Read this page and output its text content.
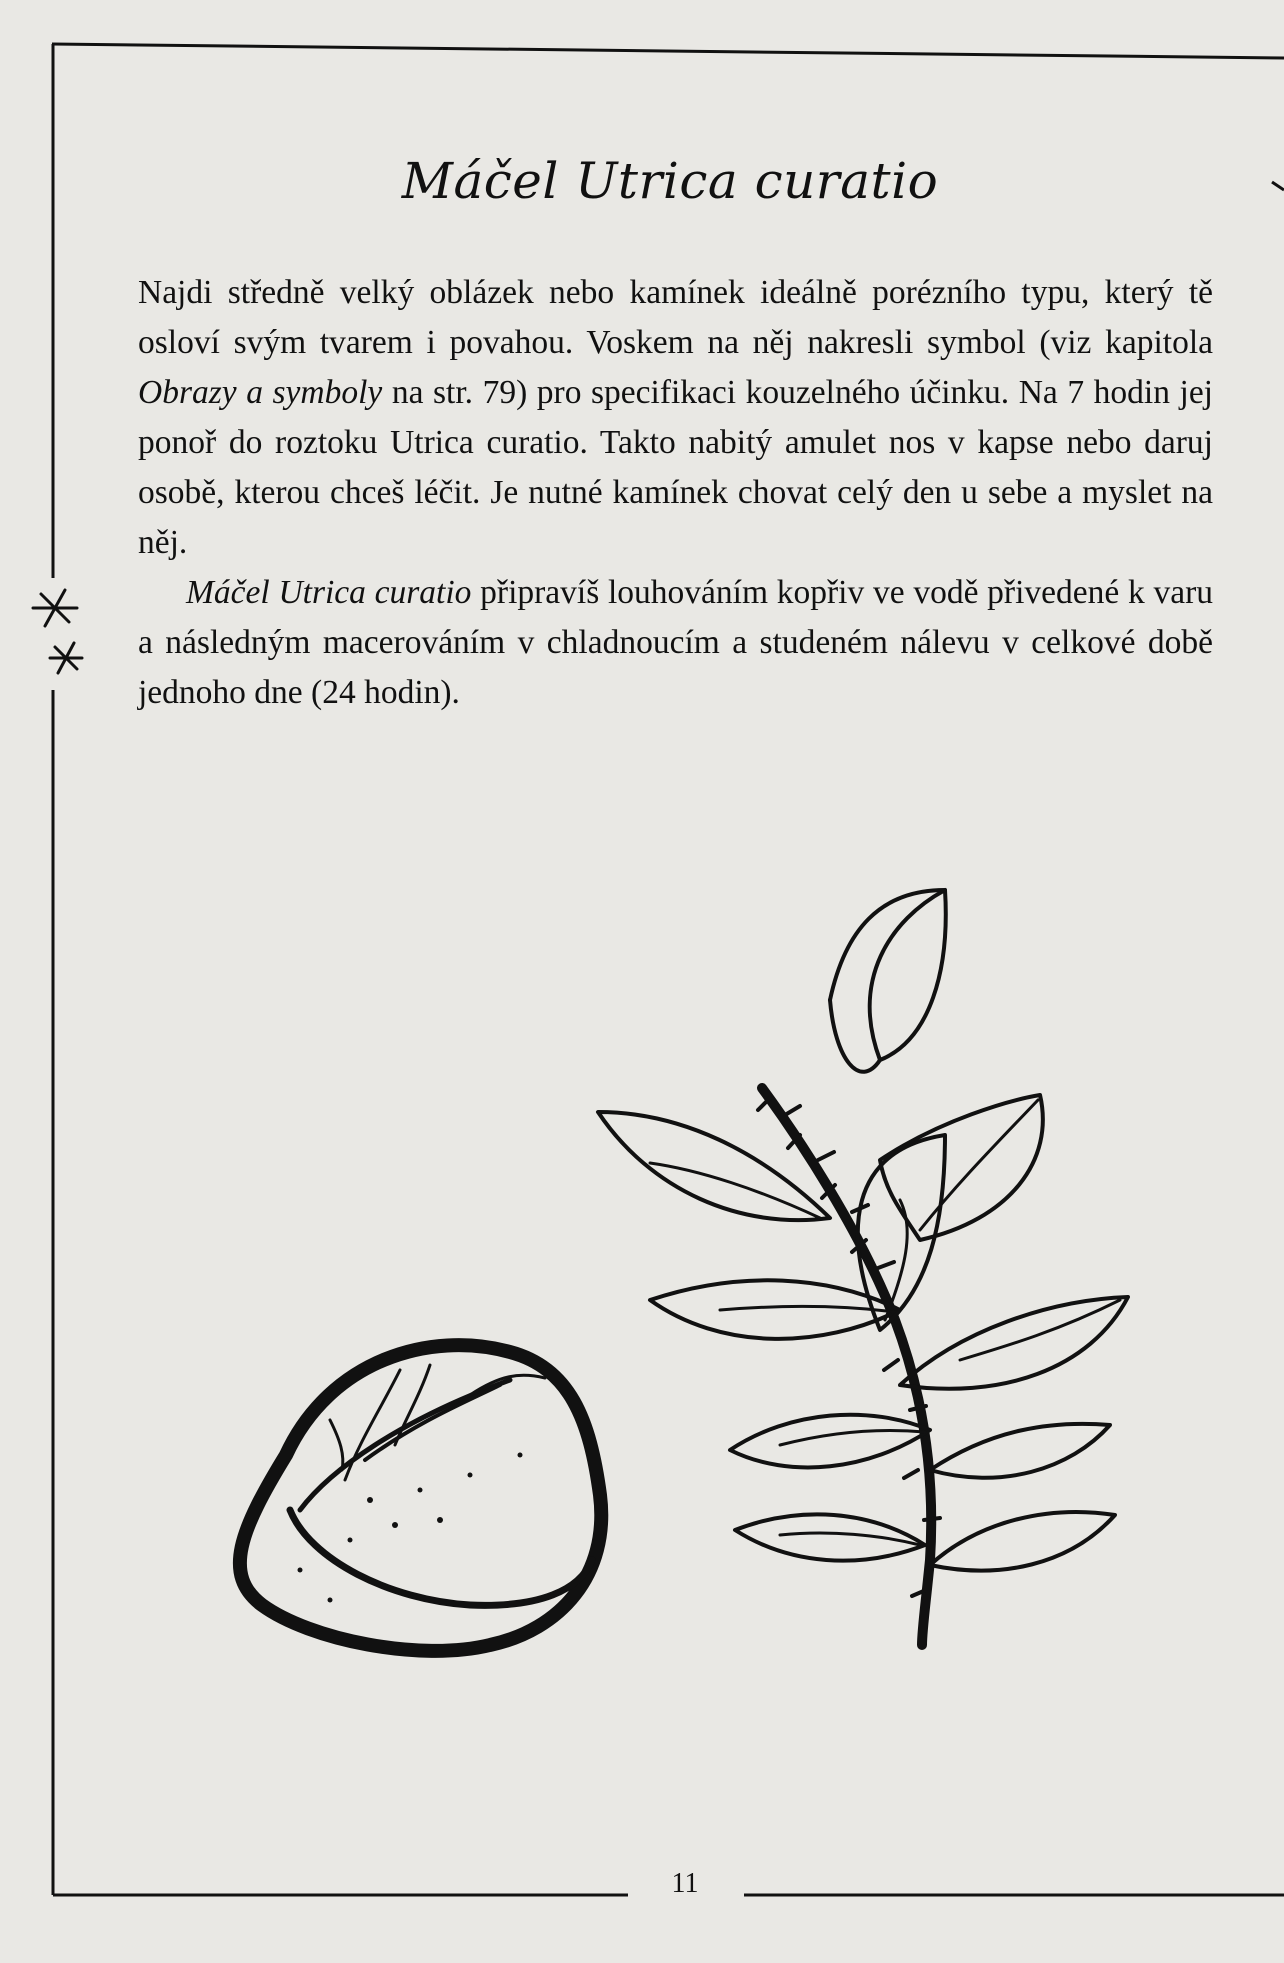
Máčel Utrica curatio

Najdi středně velký oblázek nebo kamínek ideálně porézního typu, který tě osloví svým tvarem i povahou. Voskem na něj nakresli symbol (viz kapitola Obrazy a symboly na str. 79) pro specifikaci kouzelného účinku. Na 7 hodin jej ponoř do roztoku Utrica curatio. Takto nabitý amulet nos v kapse nebo daruj osobě, kterou chceš léčit. Je nutné kamínek chovat celý den u sebe a myslet na něj.

Máčel Utrica curatio připravíš louhováním kopřiv ve vodě přivedené k varu a následným macerováním v chladnoucím a studeném nálevu v celkové době jednoho dne (24 hodin).

11
